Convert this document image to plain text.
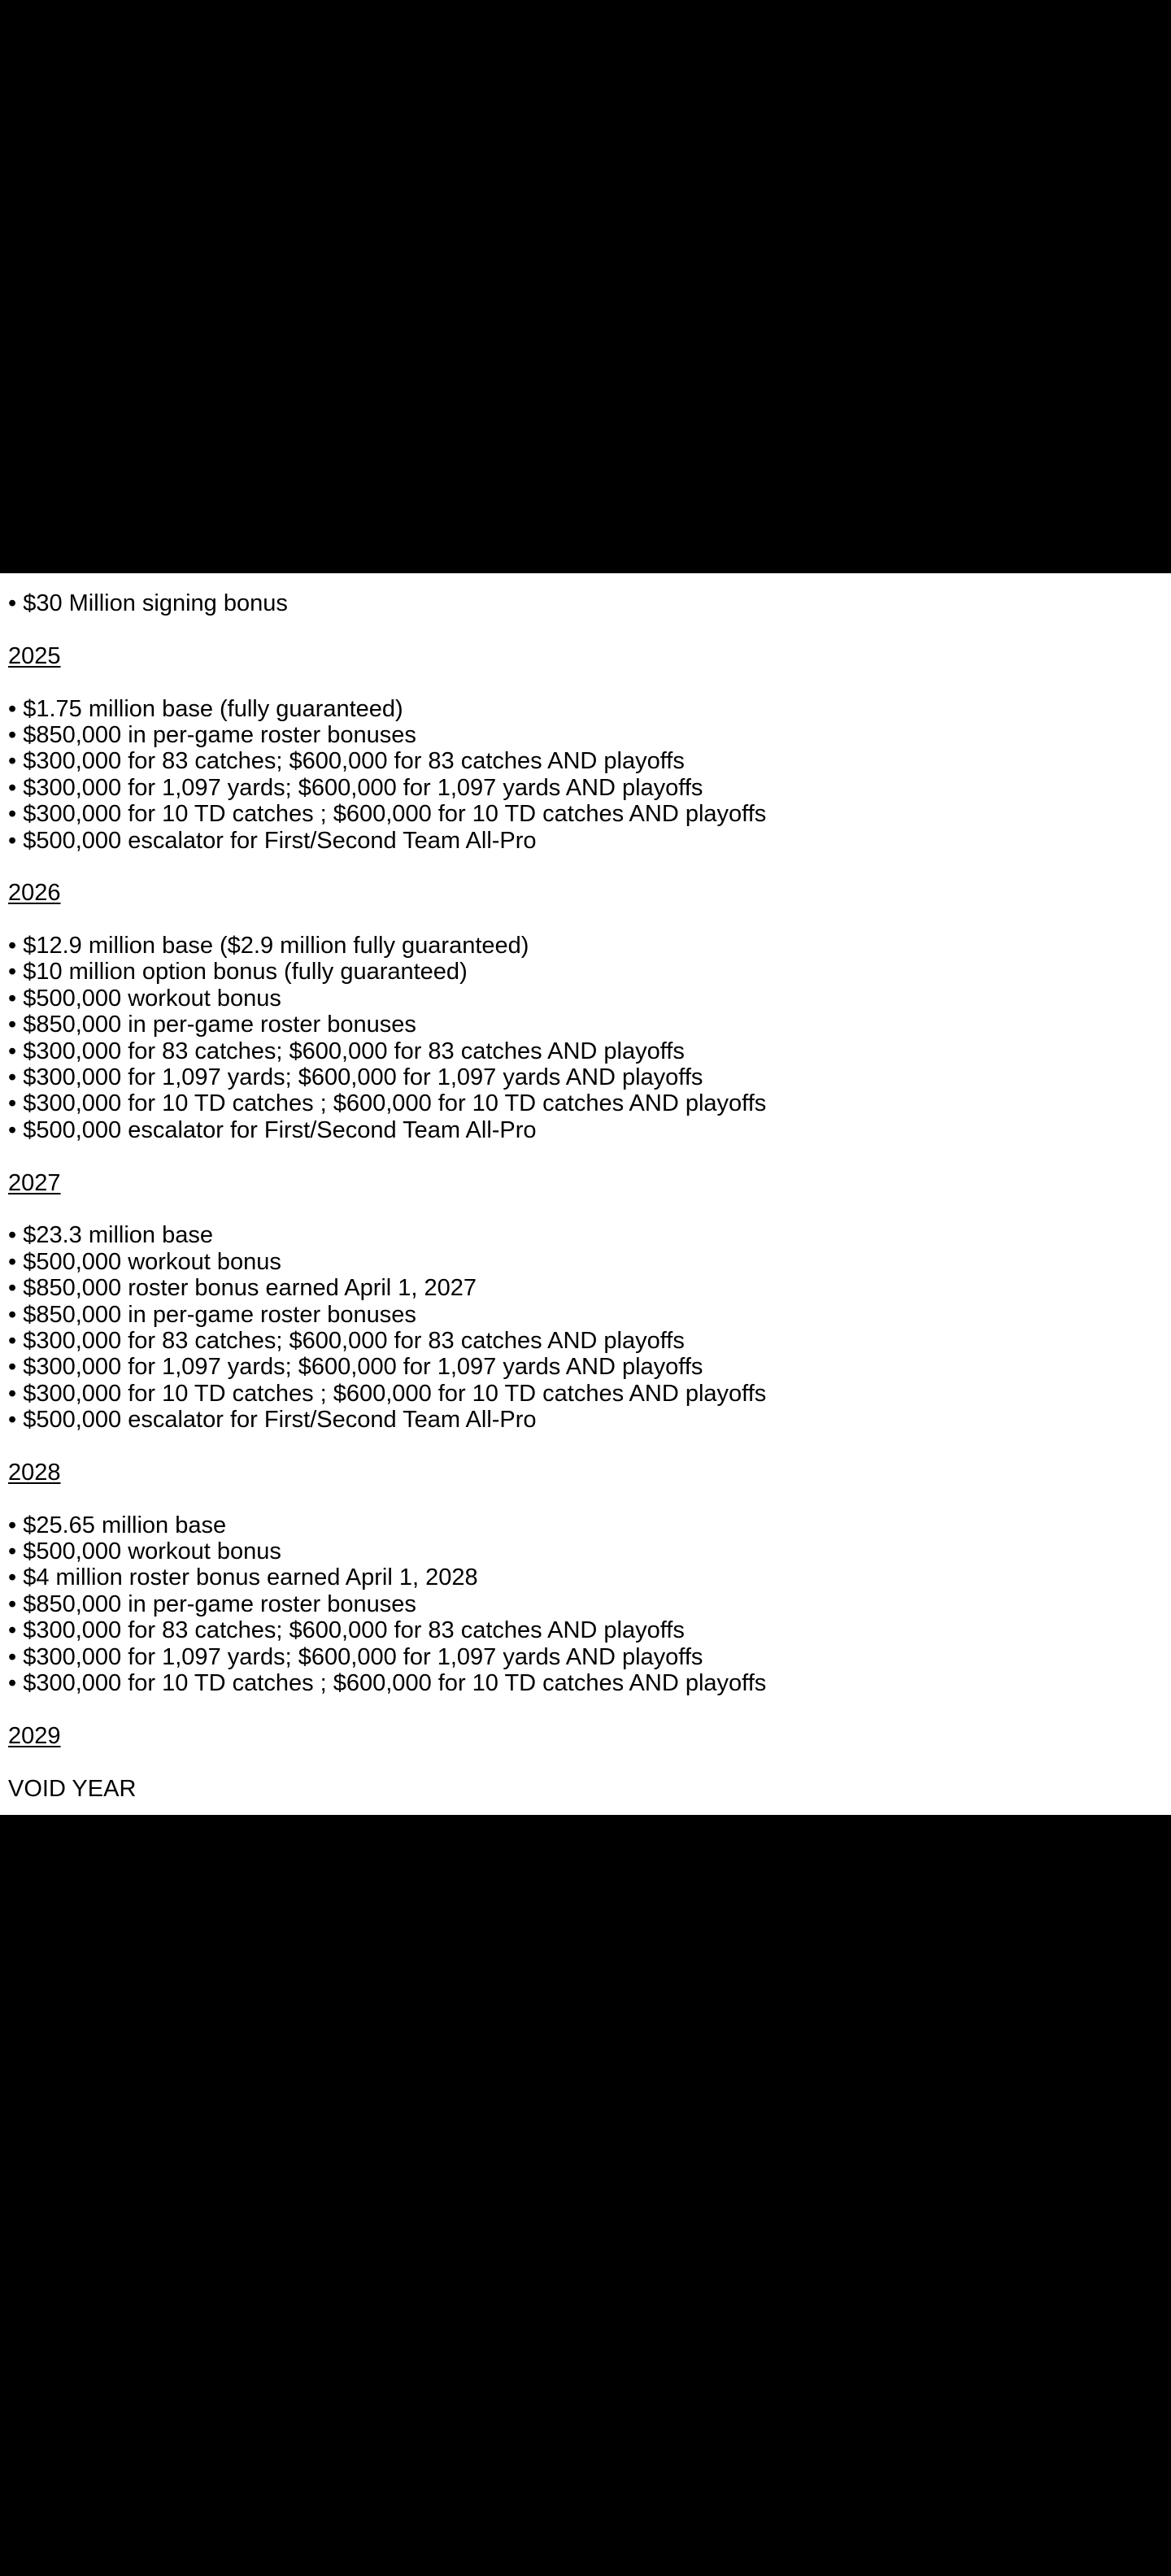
• $30 Million signing bonus
2025
• $1.75 million base (fully guaranteed)
• $850,000 in per-game roster bonuses
• $300,000 for 83 catches; $600,000 for 83 catches AND playoffs
• $300,000 for 1,097 yards; $600,000 for 1,097 yards AND playoffs
• $300,000 for 10 TD catches ; $600,000 for 10 TD catches AND playoffs
• $500,000 escalator for First/Second Team All-Pro
2026
• $12.9 million base ($2.9 million fully guaranteed)
• $10 million option bonus (fully guaranteed)
• $500,000 workout bonus
• $850,000 in per-game roster bonuses
• $300,000 for 83 catches; $600,000 for 83 catches AND playoffs
• $300,000 for 1,097 yards; $600,000 for 1,097 yards AND playoffs
• $300,000 for 10 TD catches ; $600,000 for 10 TD catches AND playoffs
• $500,000 escalator for First/Second Team All-Pro
2027
• $23.3 million base
• $500,000 workout bonus
• $850,000 roster bonus earned April 1, 2027
• $850,000 in per-game roster bonuses
• $300,000 for 83 catches; $600,000 for 83 catches AND playoffs
• $300,000 for 1,097 yards; $600,000 for 1,097 yards AND playoffs
• $300,000 for 10 TD catches ; $600,000 for 10 TD catches AND playoffs
• $500,000 escalator for First/Second Team All-Pro
2028
• $25.65 million base
• $500,000 workout bonus
• $4 million roster bonus earned April 1, 2028
• $850,000 in per-game roster bonuses
• $300,000 for 83 catches; $600,000 for 83 catches AND playoffs
• $300,000 for 1,097 yards; $600,000 for 1,097 yards AND playoffs
• $300,000 for 10 TD catches ; $600,000 for 10 TD catches AND playoffs
2029
VOID YEAR
